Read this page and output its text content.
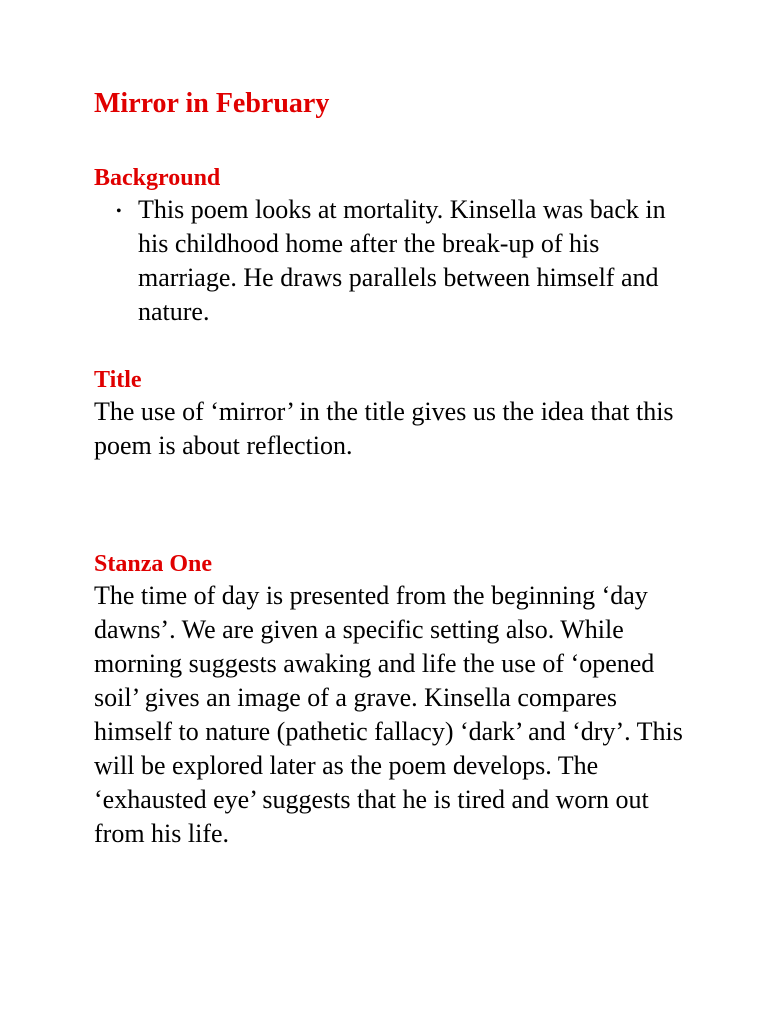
Mirror in February
Background
• This poem looks at mortality. Kinsella was back in his childhood home after the break-up of his marriage. He draws parallels between himself and nature.
Title

The use of ‘mirror’ in the title gives us the idea that this poem is about reflection.

Stanza One

The time of day is presented from the beginning ‘day dawns’. We are given a specific setting also. While morning suggests awaking and life the use of ‘opened soil’ gives an image of a grave. Kinsella compares himself to nature (pathetic fallacy) ‘dark’ and ‘dry’. This will be explored later as the poem develops. The ‘exhausted eye’ suggests that he is tired and worn out from his life.
